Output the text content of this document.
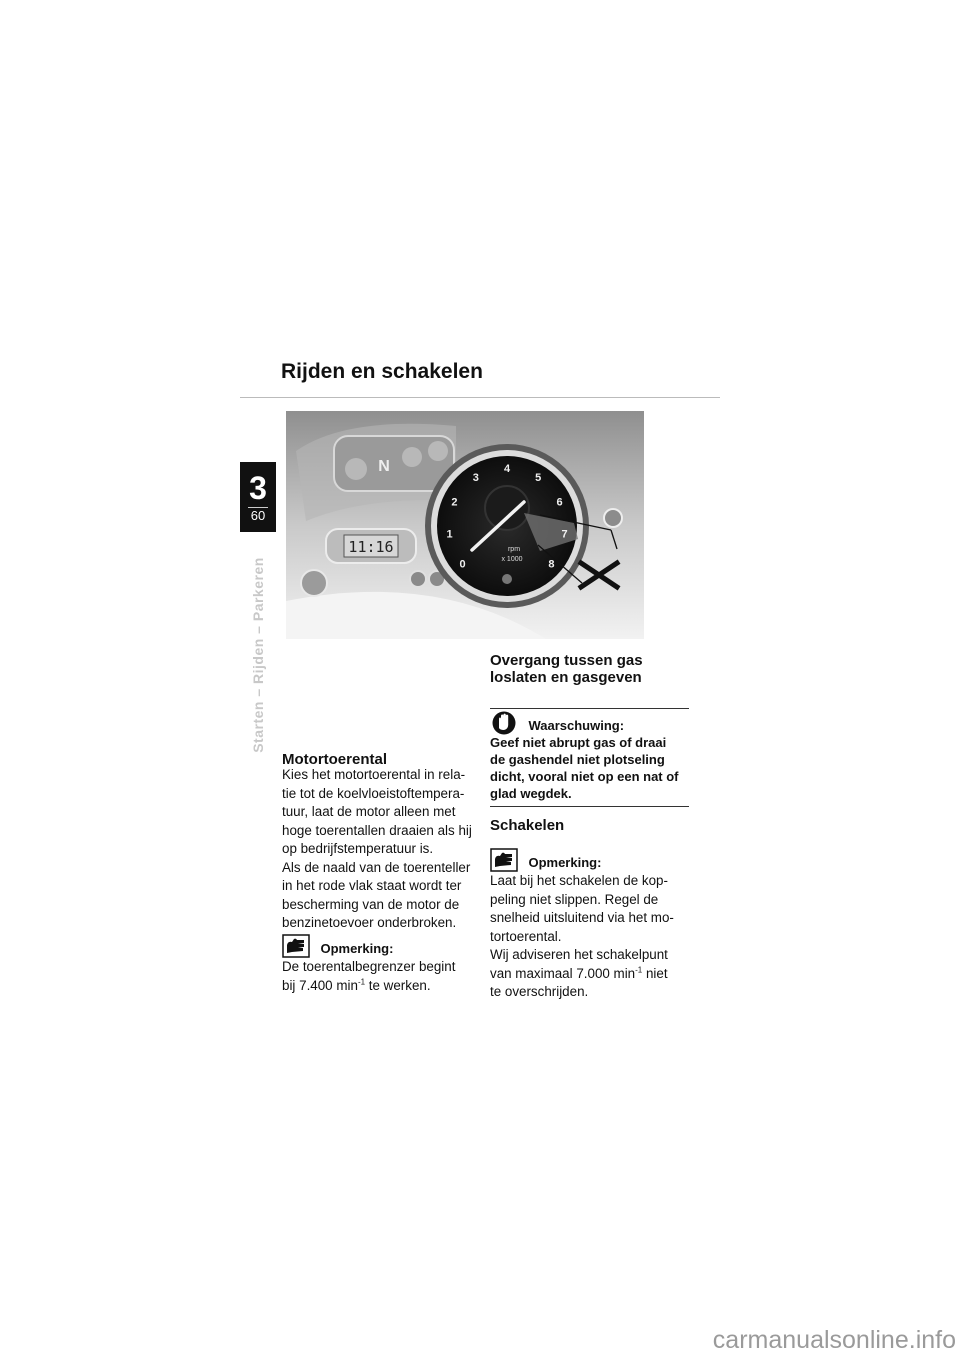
Rijden en schakelen
3
60
Starten – Rijden – Parkeren
N
11:16
0
1
2
3
4
5
6
7
8
rpm
x 1000
Motortoerental

Kies het motortoerental in rela-

tie tot de koelvloeistoftempera-

tuur, laat de motor alleen met

hoge toerentallen draaien als hij

op bedrijfstemperatuur is.

Als de naald van de toerenteller

in het rode vlak staat wordt ter

bescherming van de motor de

benzinetoevoer onderbroken.

Opmerking:

De toerentalbegrenzer begint

bij 7.400 $\min^{-1}$ te werken.

Overgang tussen gas
loslaten en gasgeven
Waarschuwing:

Geef niet abrupt gas of draai
de gashendel niet plotseling
dicht, vooral niet op een nat of
glad wegdek.

Schakelen
Opmerking:

Laat bij het schakelen de kop-

peling niet slippen. Regel de

snelheid uitsluitend via het mo-

tortoerental.

Wij adviseren het schakelpunt

van maximaal 7.000 $\min^{-1}$ niet

te overschrijden.

carmanualsonline.info
